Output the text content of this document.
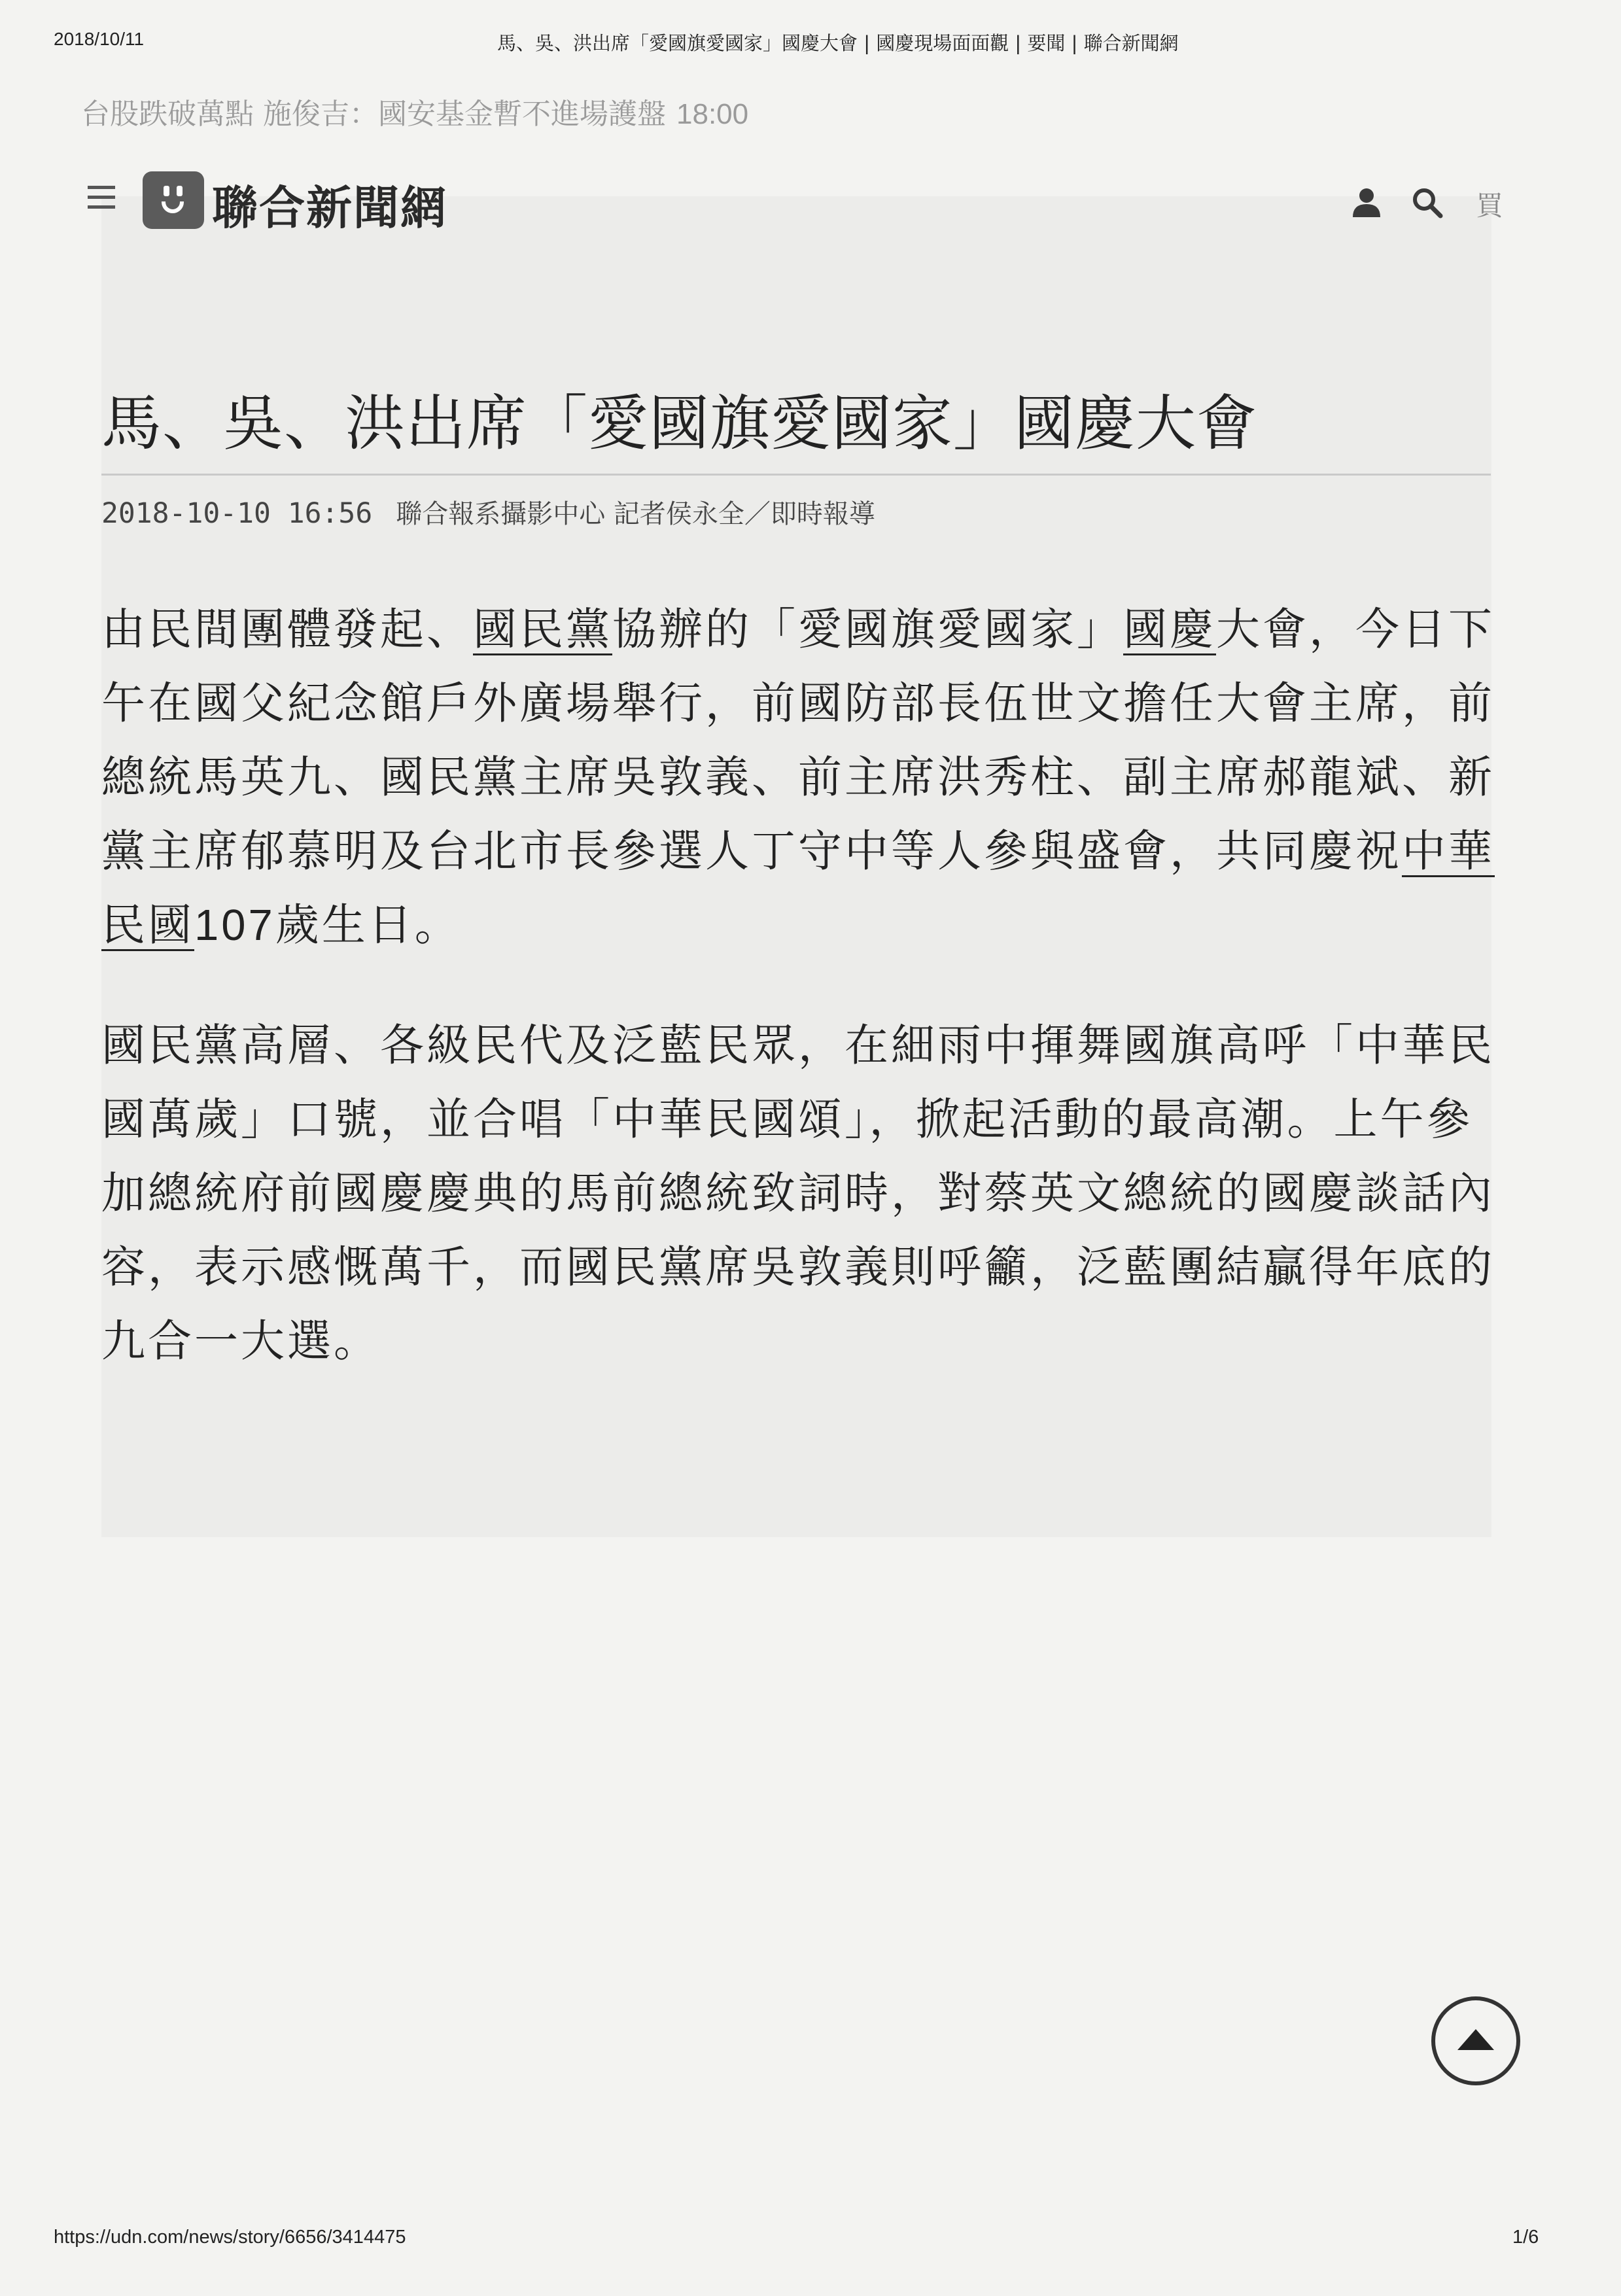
2018/10/11	馬、吳、洪出席「愛國旗愛國家」國慶大會 | 國慶現場面面觀 | 要聞 | 聯合新聞網
台股跌破萬點 施俊吉：國安基金暫不進場護盤 18:00
聯合新聞網	買
馬、吳、洪出席「愛國旗愛國家」國慶大會
2018-10-10 16:56 聯合報系攝影中心 記者侯永全／即時報導

由民間團體發起、國民黨協辦的「愛國旗愛國家」國慶大會，今日下午在國父紀念館戶外廣場舉行，前國防部長伍世文擔任大會主席，前總統馬英九、國民黨主席吳敦義、前主席洪秀柱、副主席郝龍斌、新黨主席郁慕明及台北市長參選人丁守中等人參與盛會，共同慶祝中華民國107歲生日。

國民黨高層、各級民代及泛藍民眾，在細雨中揮舞國旗高呼「中華民國萬歲」口號，並合唱「中華民國頌」，掀起活動的最高潮。上午參加總統府前國慶慶典的馬前總統致詞時，對蔡英文總統的國慶談話內容，表示感慨萬千，而國民黨席吳敦義則呼籲，泛藍團結贏得年底的九合一大選。

https://udn.com/news/story/6656/3414475	1/6
